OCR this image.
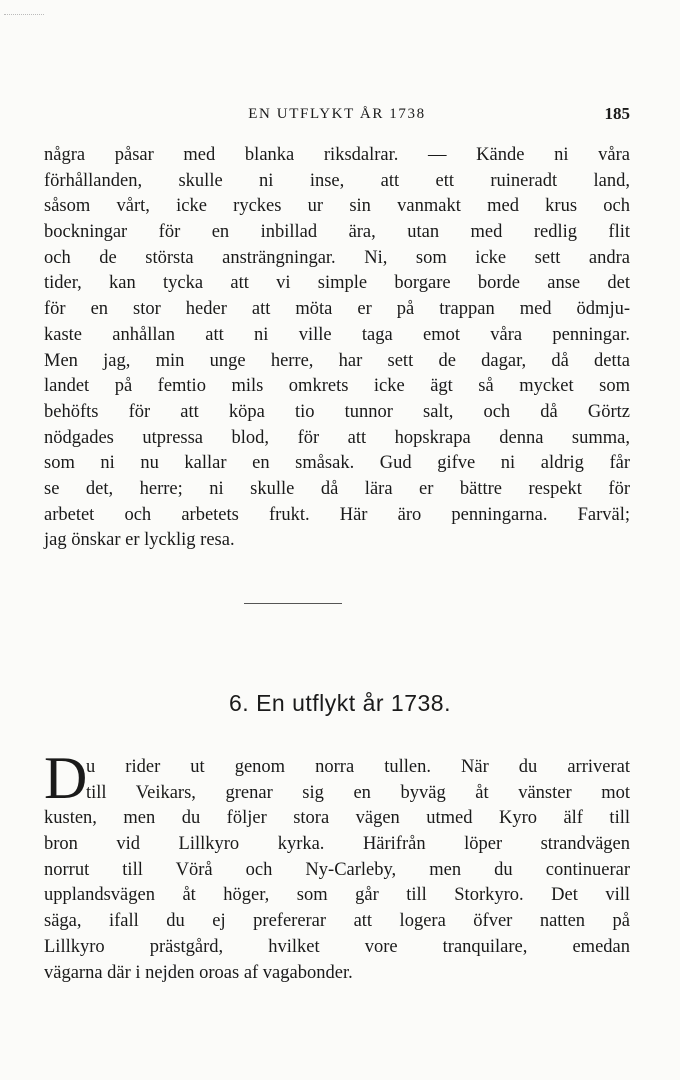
EN UTFLYKT ÅR 1738	185
några påsar med blanka riksdalrar. — Kände ni våra
förhållanden, skulle ni inse, att ett ruineradt land,
såsom vårt, icke ryckes ur sin vanmakt med krus och
bockningar för en inbillad ära, utan med redlig flit
och de största ansträngningar. Ni, som icke sett andra
tider, kan tycka att vi simple borgare borde anse det
för en stor heder att möta er på trappan med ödmju-
kaste anhållan att ni ville taga emot våra penningar.
Men jag, min unge herre, har sett de dagar, då detta
landet på femtio mils omkrets icke ägt så mycket som
behöfts för att köpa tio tunnor salt, och då Görtz
nödgades utpressa blod, för att hopskrapa denna summa,
som ni nu kallar en småsak. Gud gifve ni aldrig får
se det, herre; ni skulle då lära er bättre respekt för
arbetet och arbetets frukt. Här äro penningarna. Farväl;
jag önskar er lycklig resa.
6. En utflykt år 1738.
D
u rider ut genom norra tullen. När du arriverat
till Veikars, grenar sig en byväg åt vänster mot
kusten, men du följer stora vägen utmed Kyro älf till
bron vid Lillkyro kyrka. Härifrån löper strandvägen
norrut till Vörå och Ny-Carleby, men du continuerar
upplandsvägen åt höger, som går till Storkyro. Det vill
säga, ifall du ej prefererar att logera öfver natten på
Lillkyro prästgård, hvilket vore tranquilare, emedan
vägarna där i nejden oroas af vagabonder.
